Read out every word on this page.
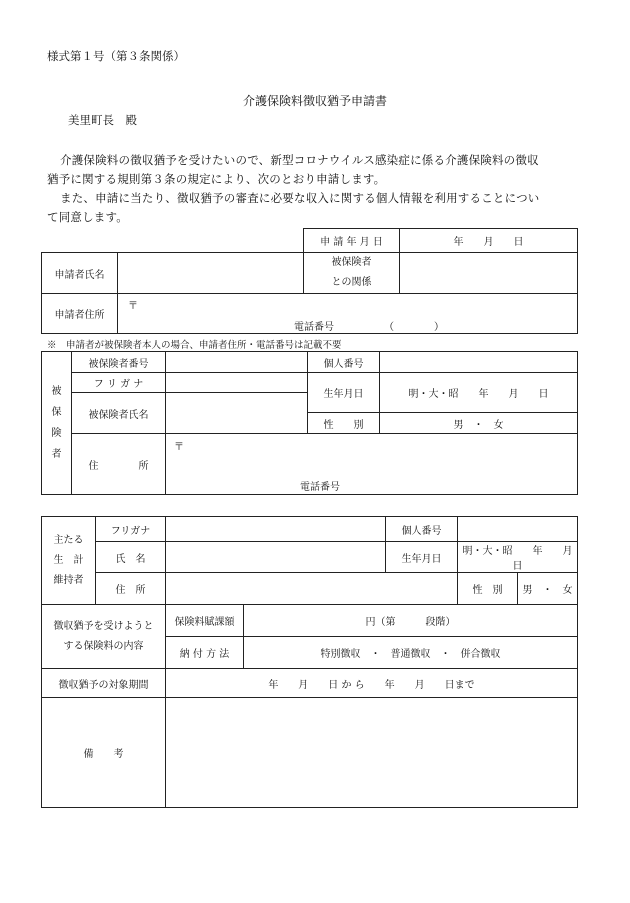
様式第１号（第３条関係）
介護保険料徴収猶予申請書
美里町長　殿
介護保険料の徴収猶予を受けたいので、新型コロナウイルス感染症に係る介護保険料の徴収
猶予に関する規則第３条の規定により、次のとおり申請します。
また、申請に当たり、徴収猶予の審査に必要な収入に関する個人情報を利用することについ
て同意します。
		申 請 年 月 日	年　　月　　日
申請者氏名		被保険者
との関係	

申請者住所	〒
電話番号 （　　　　）		
※　申請者が被保険者本人の場合、申請者住所・電話番号は記載不要
被
保
険
者	被保険者番号		個人番号	

	フ リ ガ ナ		生年月日	明・大・昭　　年　　月　　日
	被保険者氏名			
			性　　別	男　・　女
	住　　　　所	〒
電話番号		
主たる
生　計
維持者	フリガナ			個人番号		

	氏　名			生年月日	明・大・昭　　年　　月　　日	
	住　所				性　別	男　・　女

徴収猶予を受けようと
する保険料の内容		保険料賦課額	円（第　　　段階）			
		納 付 方 法	特別徴収　・　普通徴収　・　併合徴収			
徴収猶予の対象期間		年　　月　　日 か ら　　年　　月　　日まで				
備　　考						
